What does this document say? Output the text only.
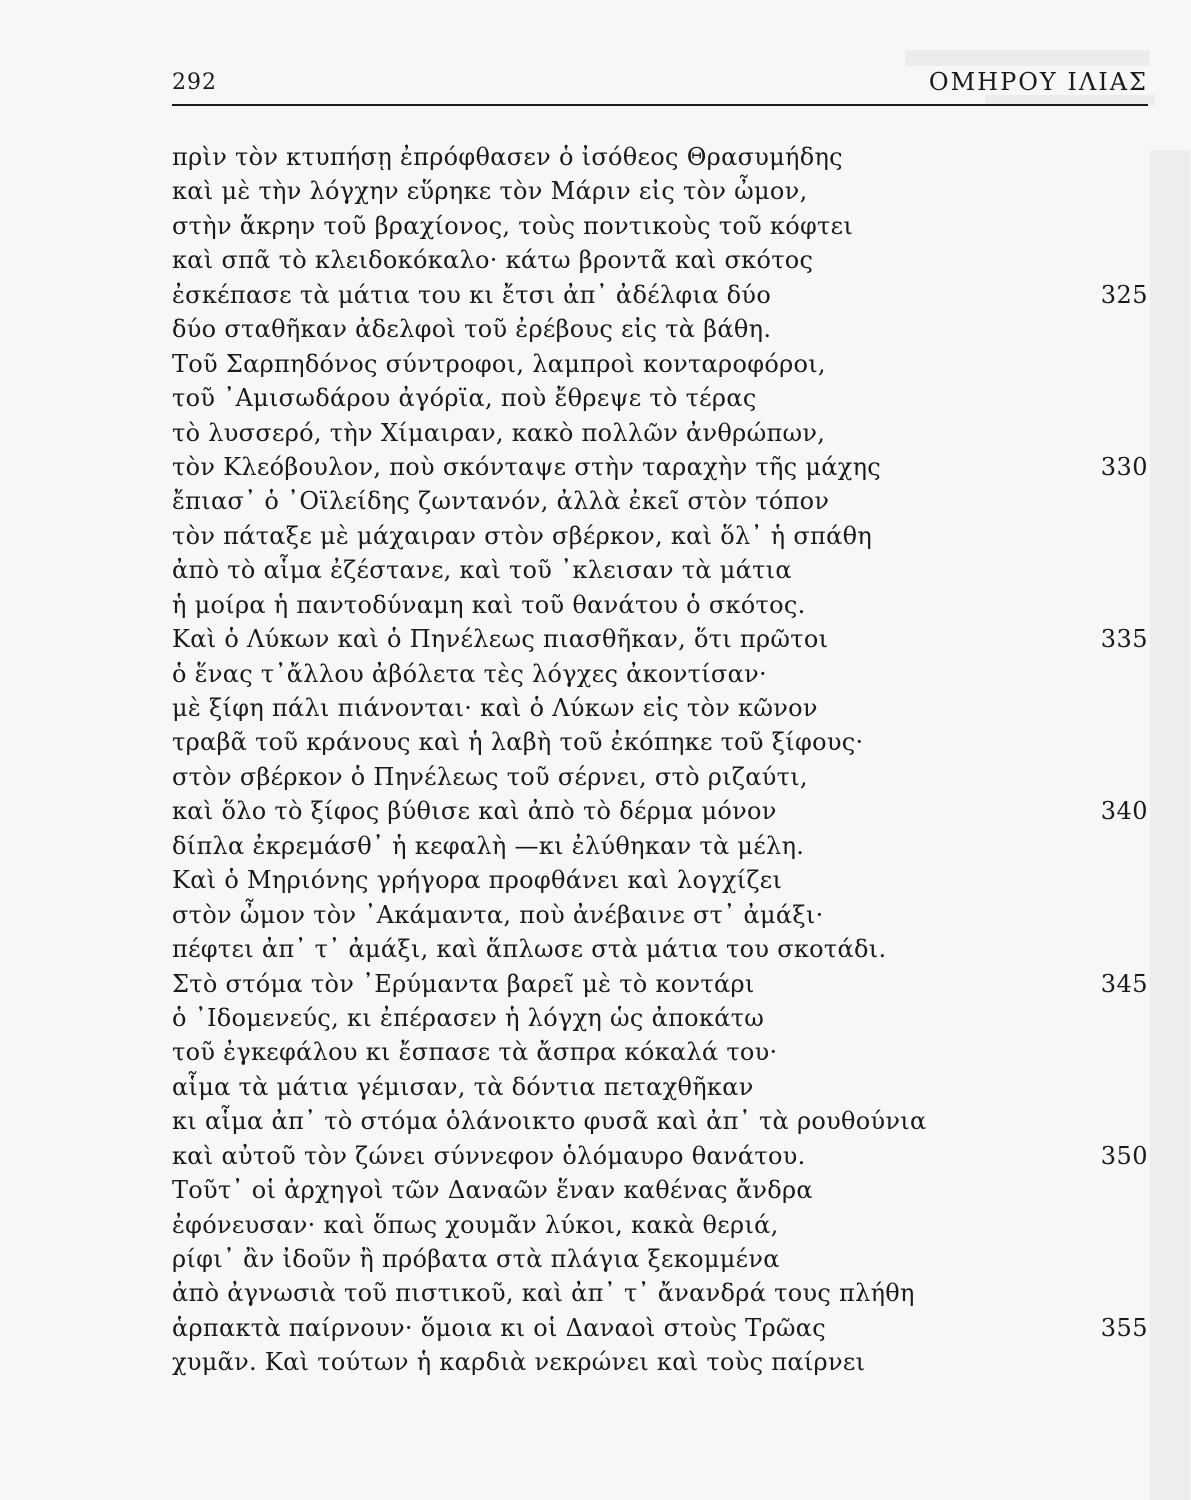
292	ΟΜΗΡΟΥ ΙΛΙΑΣ
πρὶν τὸν κτυπήσῃ ἐπρόφθασεν ὁ ἰσόθεος Θρασυμήδης
καὶ μὲ τὴν λόγχην εὕρηκε τὸν Μάριν εἰς τὸν ὦμον,
στὴν ἄκρην τοῦ βραχίονος, τοὺς ποντικοὺς τοῦ κόφτει
καὶ σπᾶ τὸ κλειδοκόκαλο· κάτω βροντᾶ καὶ σκότος
ἐσκέπασε τὰ μάτια του κι ἔτσι ἀπ᾽ ἀδέλφια δύο	325
δύο σταθῆκαν ἀδελφοὶ τοῦ ἐρέβους εἰς τὰ βάθη.
Τοῦ Σαρπηδόνος σύντροφοι, λαμπροὶ κονταροφόροι,
τοῦ ᾿Αμισωδάρου ἀγόρϊα, ποὺ ἔθρεψε τὸ τέρας
τὸ λυσσερό, τὴν Χίμαιραν, κακὸ πολλῶν ἀνθρώπων,
τὸν Κλεόβουλον, ποὺ σκόνταψε στὴν ταραχὴν τῆς μάχης	330
ἔπιασ᾽ ὁ ᾿Οϊλείδης ζωντανόν, ἀλλὰ ἐκεῖ στὸν τόπον
τὸν πάταξε μὲ μάχαιραν στὸν σβέρκον, καὶ ὅλ᾽ ἡ σπάθη
ἀπὸ τὸ αἷμα ἐζέστανε, καὶ τοῦ ᾿κλεισαν τὰ μάτια
ἡ μοίρα ἡ παντοδύναμη καὶ τοῦ θανάτου ὁ σκότος.
Καὶ ὁ Λύκων καὶ ὁ Πηνέλεως πιασθῆκαν, ὅτι πρῶτοι	335
ὁ ἕνας τ᾽ἄλλου ἀβόλετα τὲς λόγχες ἀκοντίσαν·
μὲ ξίφη πάλι πιάνονται· καὶ ὁ Λύκων εἰς τὸν κῶνον
τραβᾶ τοῦ κράνους καὶ ἡ λαβὴ τοῦ ἐκόπηκε τοῦ ξίφους·
στὸν σβέρκον ὁ Πηνέλεως τοῦ σέρνει, στὸ ριζαύτι,
καὶ ὅλο τὸ ξίφος βύθισε καὶ ἀπὸ τὸ δέρμα μόνον	340
δίπλα ἐκρεμάσθ᾽ ἡ κεφαλὴ —κι ἐλύθηκαν τὰ μέλη.
Καὶ ὁ Μηριόνης γρήγορα προφθάνει καὶ λογχίζει
στὸν ὦμον τὸν ᾿Ακάμαντα, ποὺ ἀνέβαινε στ᾽ ἀμάξι·
πέφτει ἀπ᾽ τ᾽ ἀμάξι, καὶ ἅπλωσε στὰ μάτια του σκοτάδι.
Στὸ στόμα τὸν ᾿Ερύμαντα βαρεῖ μὲ τὸ κοντάρι	345
ὁ ᾿Ιδομενεύς, κι ἐπέρασεν ἡ λόγχη ὡς ἀποκάτω
τοῦ ἐγκεφάλου κι ἔσπασε τὰ ἄσπρα κόκαλά του·
αἷμα τὰ μάτια γέμισαν, τὰ δόντια πεταχθῆκαν
κι αἷμα ἀπ᾽ τὸ στόμα ὁλάνοικτο φυσᾶ καὶ ἀπ᾽ τὰ ρουθούνια
καὶ αὐτοῦ τὸν ζώνει σύννεφον ὁλόμαυρο θανάτου.	350
Τοῦτ᾽ οἱ ἀρχηγοὶ τῶν Δαναῶν ἕναν καθένας ἄνδρα
ἐφόνευσαν· καὶ ὅπως χουμᾶν λύκοι, κακὰ θεριά,
ρίφι᾽ ἂν ἰδοῦν ἢ πρόβατα στὰ πλάγια ξεκομμένα
ἀπὸ ἀγνωσιὰ τοῦ πιστικοῦ, καὶ ἀπ᾽ τ᾽ ἄνανδρά τους πλήθη
ἁρπακτὰ παίρνουν· ὅμοια κι οἱ Δαναοὶ στοὺς Τρῶας	355
χυμᾶν. Καὶ τούτων ἡ καρδιὰ νεκρώνει καὶ τοὺς παίρνει
